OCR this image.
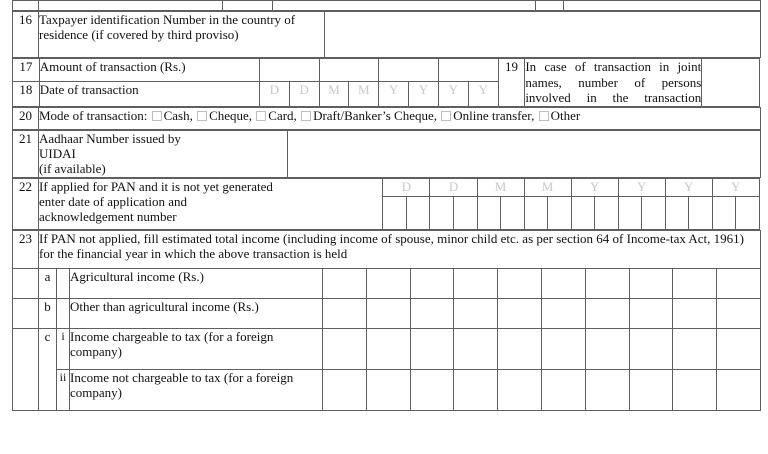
16	Taxpayer identification Number in the country of residence (if covered by third proviso)	
17	Amount of transaction (Rs.)									19	In case of transaction in joint names, number of persons involved in the transaction	
18	Date of transaction	D	D	M	M	Y	Y	Y	Y			
20	Mode of transaction: Cash, Cheque, Card, Draft/Banker’s Cheque, Online transfer, Other
21	Aadhaar Number issued by
UIDAI
(if available)

22	If applied for PAN and it is not yet generated
enter date of application and
acknowledgement number	D		D		M		M		Y		Y		Y		Y	

23	If PAN not applied, fill estimated total income (including income of spouse, minor child etc. as per section 64 of Income-tax Act, 1961) for the financial year in which the above transaction is held												
	a		Agricultural income (Rs.)										
	b		Other than agricultural income (Rs.)										
	c	i	Income chargeable to tax (for a foreign company)										
		ii	Income not chargeable to tax (for a foreign company)										
